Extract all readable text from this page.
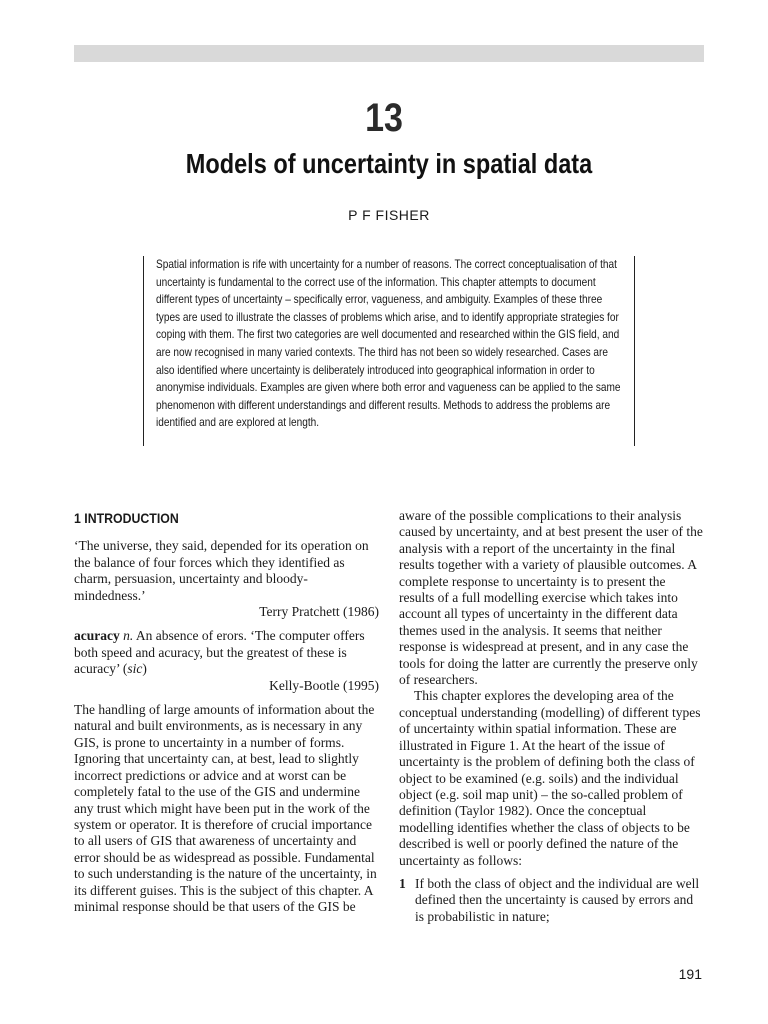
13
Models of uncertainty in spatial data
P F FISHER

Spatial information is rife with uncertainty for a number of reasons. The correct conceptualisation of that uncertainty is fundamental to the correct use of the information. This chapter attempts to document different types of uncertainty – specifically error, vagueness, and ambiguity. Examples of these three types are used to illustrate the classes of problems which arise, and to identify appropriate strategies for coping with them. The first two categories are well documented and researched within the GIS field, and are now recognised in many varied contexts. The third has not been so widely researched. Cases are also identified where uncertainty is deliberately introduced into geographical information in order to anonymise individuals. Examples are given where both error and vagueness can be applied to the same phenomenon with different understandings and different results. Methods to address the problems are identified and are explored at length.

1 INTRODUCTION

‘The universe, they said, depended for its operation on the balance of four forces which they identified as charm, persuasion, uncertainty and bloody-mindedness.’

Terry Pratchett (1986)

acuracy n. An absence of erors. ‘The computer offers both speed and acuracy, but the greatest of these is acuracy’ (sic)

Kelly-Bootle (1995)

The handling of large amounts of information about the natural and built environments, as is necessary in any GIS, is prone to uncertainty in a number of forms. Ignoring that uncertainty can, at best, lead to slightly incorrect predictions or advice and at worst can be completely fatal to the use of the GIS and undermine any trust which might have been put in the work of the system or operator. It is therefore of crucial importance to all users of GIS that awareness of uncertainty and error should be as widespread as possible. Fundamental to such understanding is the nature of the uncertainty, in its different guises. This is the subject of this chapter. A minimal response should be that users of the GIS be

aware of the possible complications to their analysis caused by uncertainty, and at best present the user of the analysis with a report of the uncertainty in the final results together with a variety of plausible outcomes. A complete response to uncertainty is to present the results of a full modelling exercise which takes into account all types of uncertainty in the different data themes used in the analysis. It seems that neither response is widespread at present, and in any case the tools for doing the latter are currently the preserve only of researchers.

This chapter explores the developing area of the conceptual understanding (modelling) of different types of uncertainty within spatial information. These are illustrated in Figure 1. At the heart of the issue of uncertainty is the problem of defining both the class of object to be examined (e.g. soils) and the individual object (e.g. soil map unit) – the so-called problem of definition (Taylor 1982). Once the conceptual modelling identifies whether the class of objects to be described is well or poorly defined the nature of the uncertainty as follows:

1 If both the class of object and the individual are well defined then the uncertainty is caused by errors and is probabilistic in nature;
191
